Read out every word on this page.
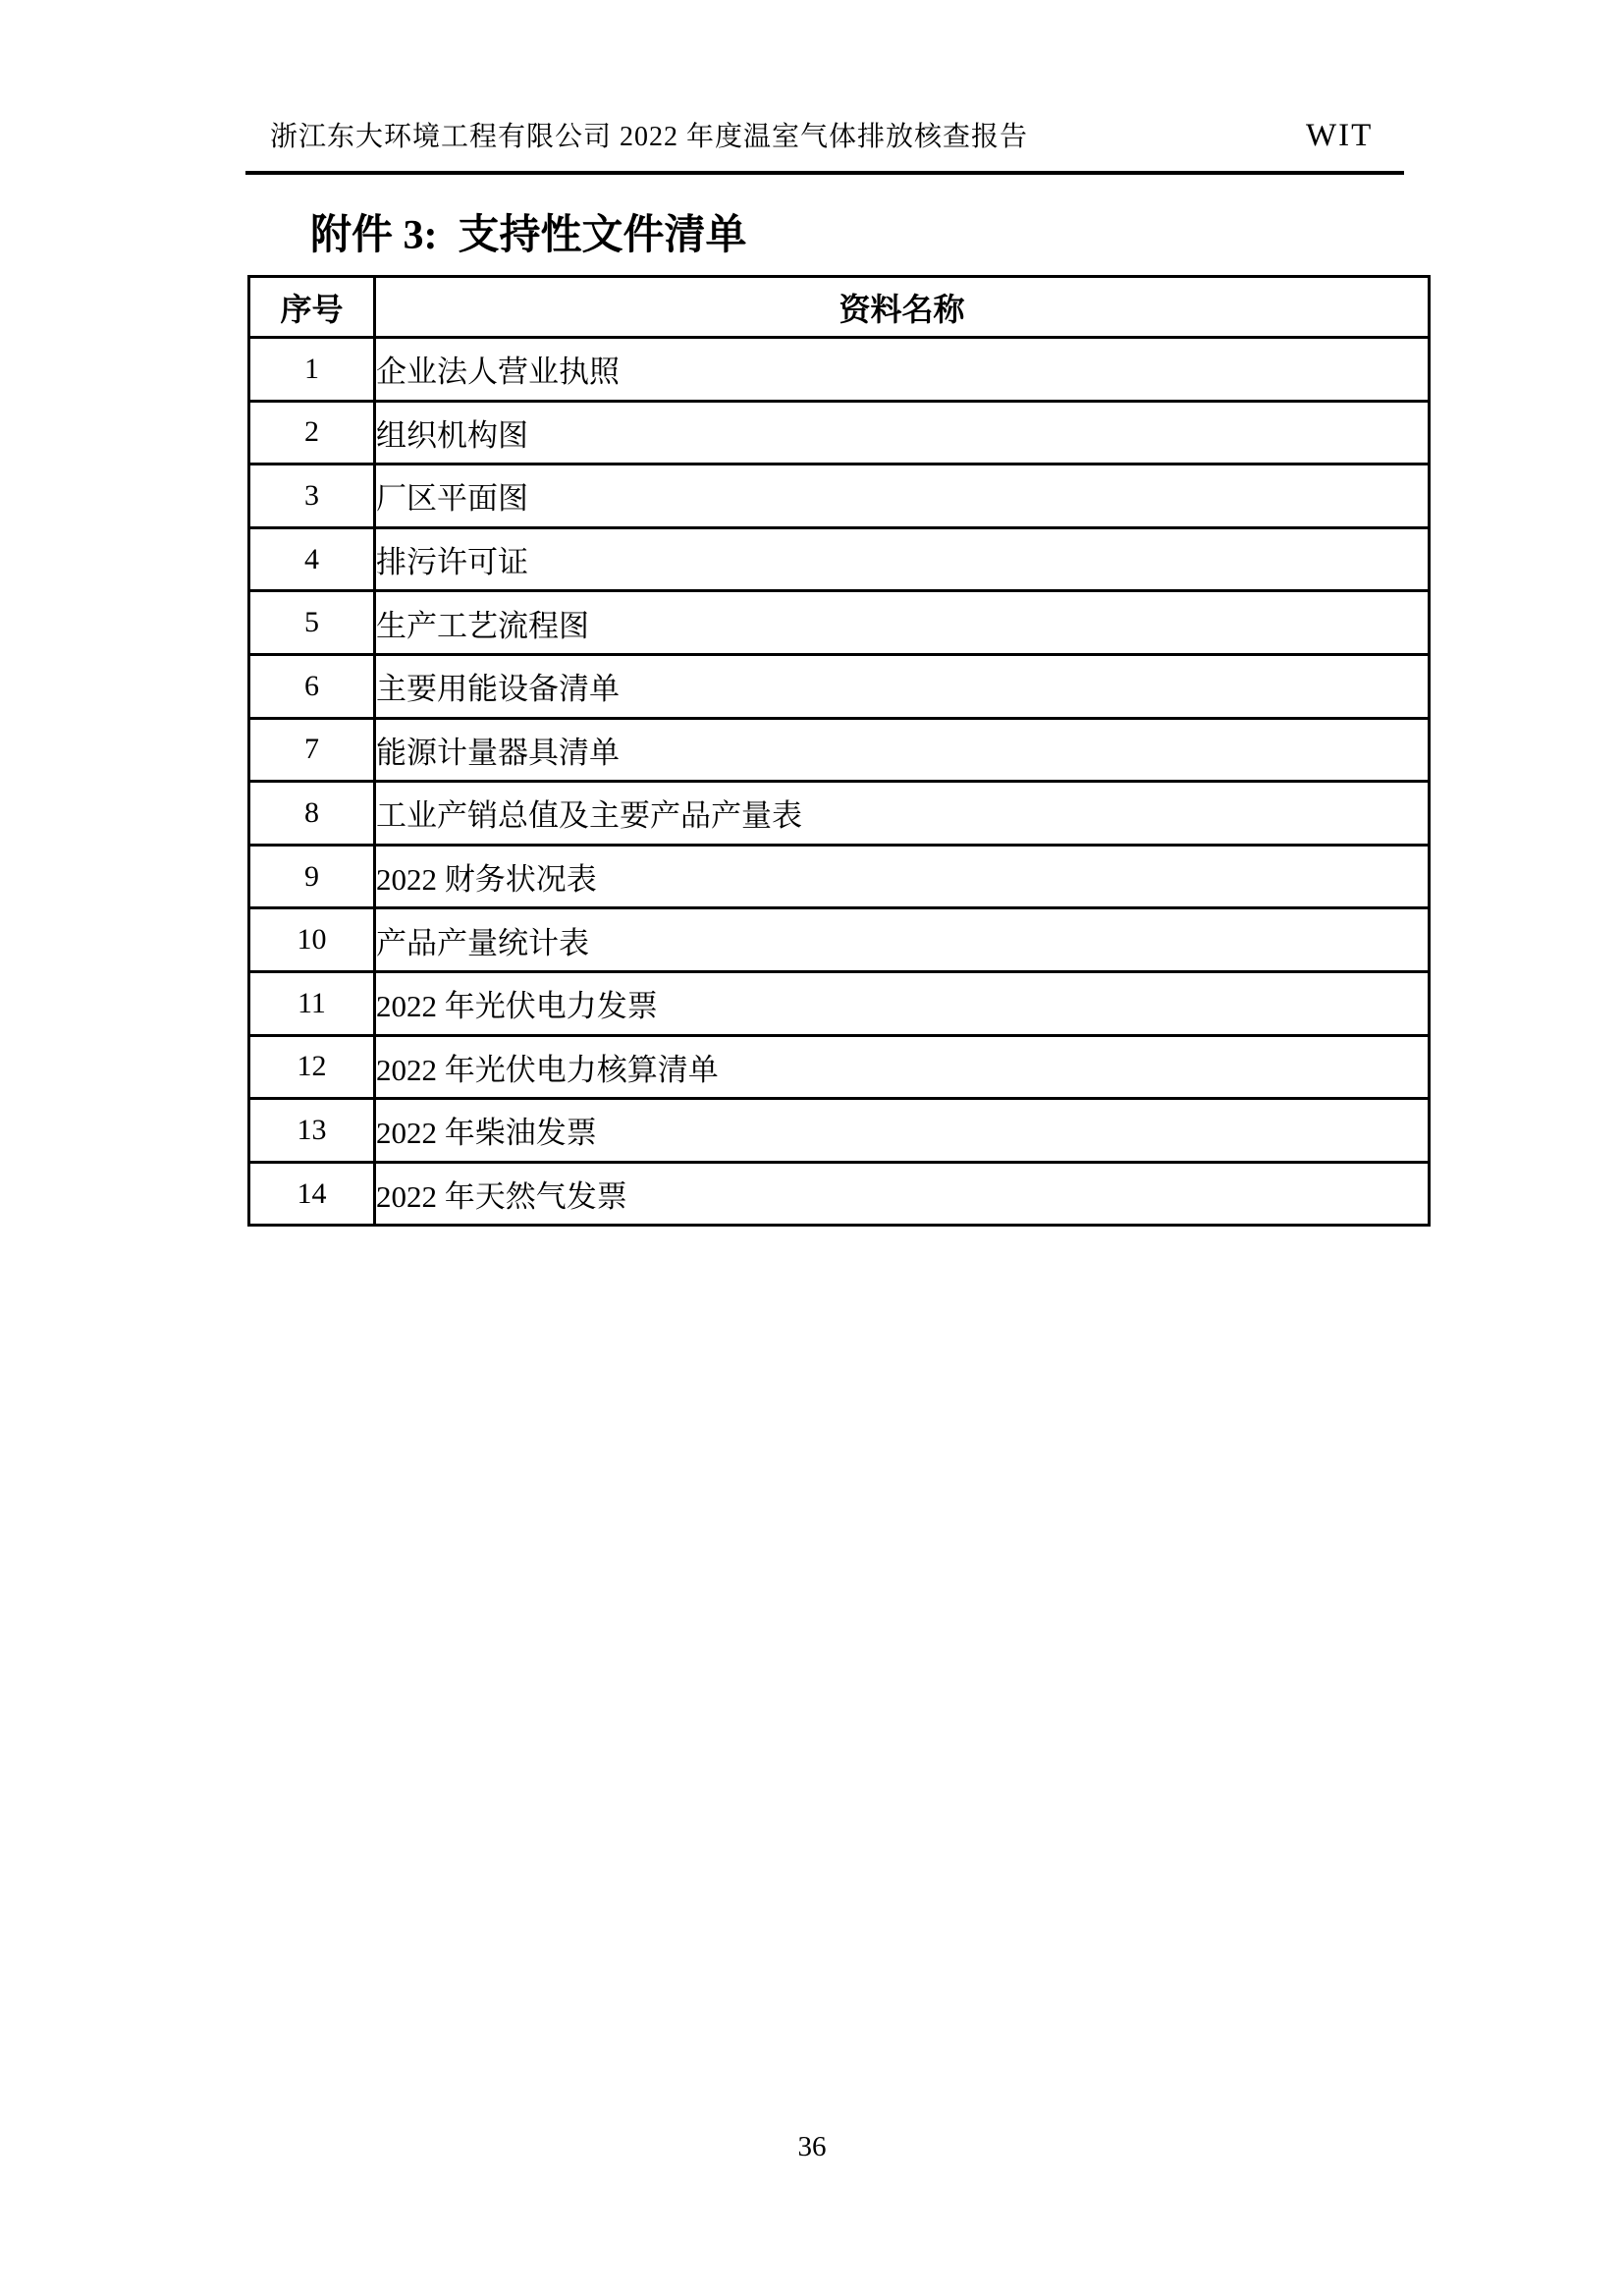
浙江东大环境工程有限公司 2022 年度温室气体排放核查报告	WIT
附件 3:  支持性文件清单
序号	资料名称
1	企业法人营业执照
2	组织机构图
3	厂区平面图
4	排污许可证
5	生产工艺流程图
6	主要用能设备清单
7	能源计量器具清单
8	工业产销总值及主要产品产量表
9	2022 财务状况表
10	产品产量统计表
11	2022 年光伏电力发票
12	2022 年光伏电力核算清单
13	2022 年柴油发票
14	2022 年天然气发票
36
